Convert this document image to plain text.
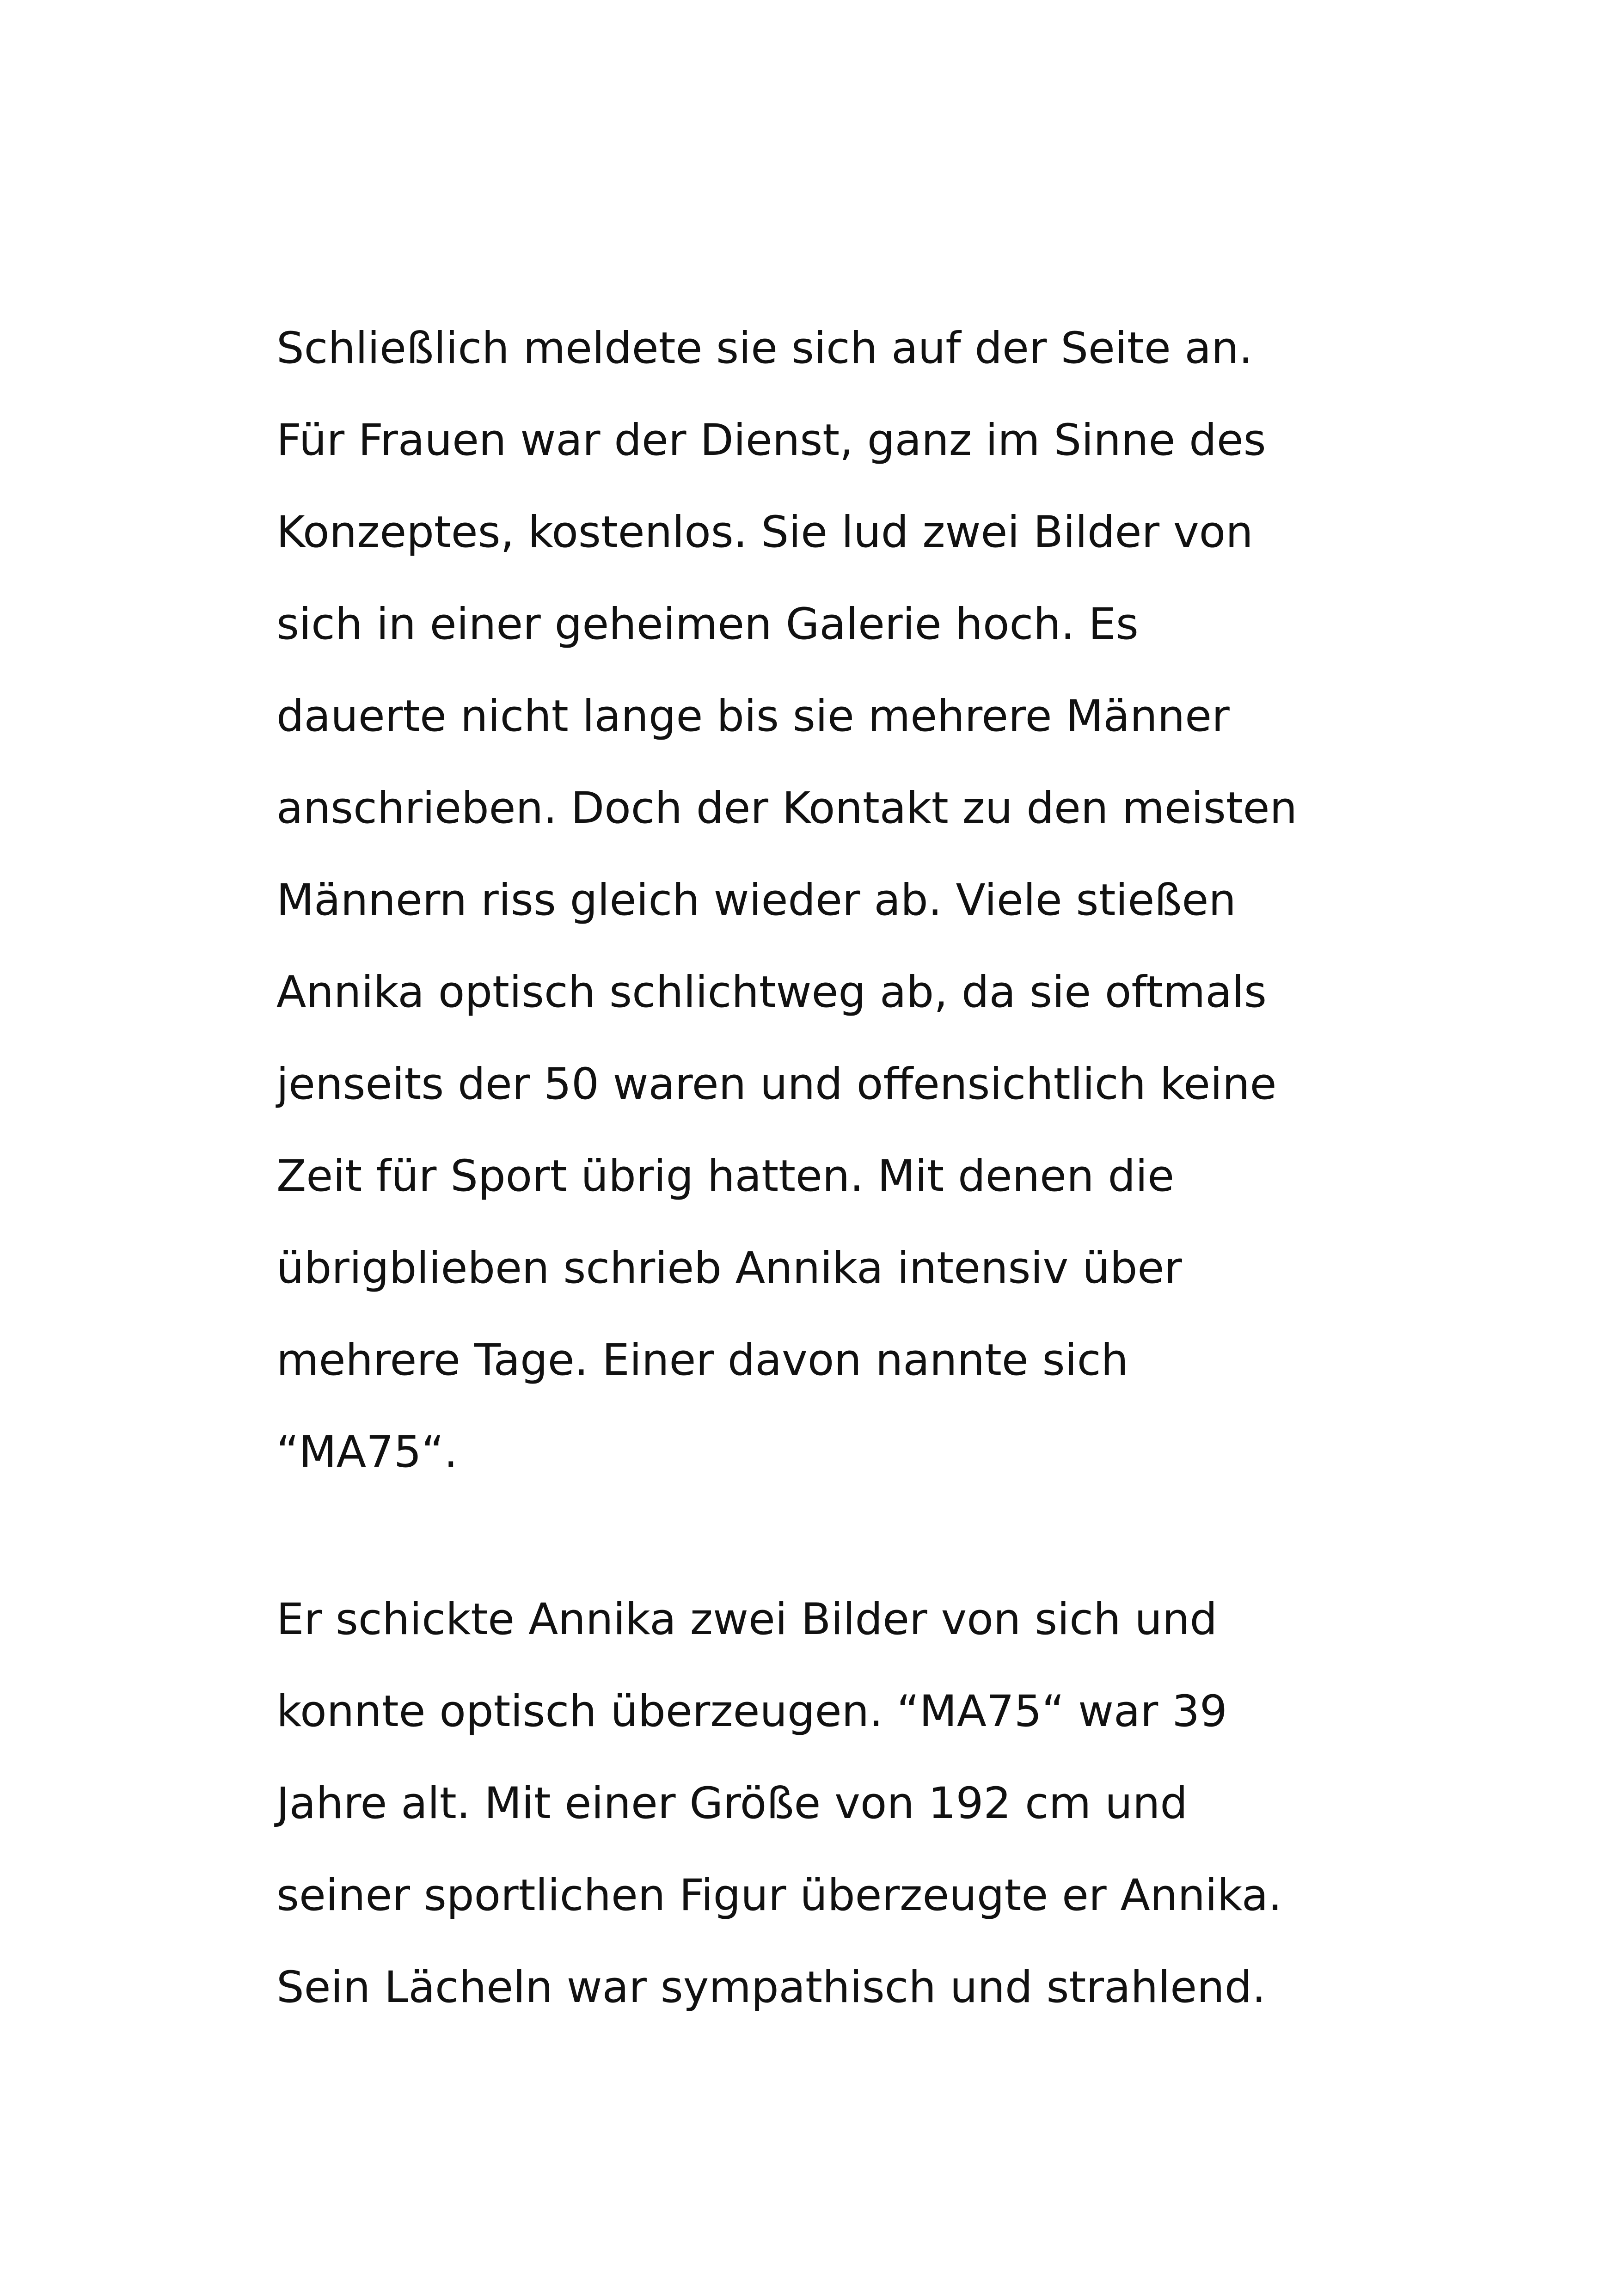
Schließlich meldete sie sich auf der Seite an.
Für Frauen war der Dienst, ganz im Sinne des
Konzeptes, kostenlos. Sie lud zwei Bilder von
sich in einer geheimen Galerie hoch. Es
dauerte nicht lange bis sie mehrere Männer
anschrieben. Doch der Kontakt zu den meisten
Männern riss gleich wieder ab. Viele stießen
Annika optisch schlichtweg ab, da sie oftmals
jenseits der 50 waren und offensichtlich keine
Zeit für Sport übrig hatten. Mit denen die
übrigblieben schrieb Annika intensiv über
mehrere Tage. Einer davon nannte sich
“MA75“.
Er schickte Annika zwei Bilder von sich und
konnte optisch überzeugen. “MA75“ war 39
Jahre alt. Mit einer Größe von 192 cm und
seiner sportlichen Figur überzeugte er Annika.
Sein Lächeln war sympathisch und strahlend.
